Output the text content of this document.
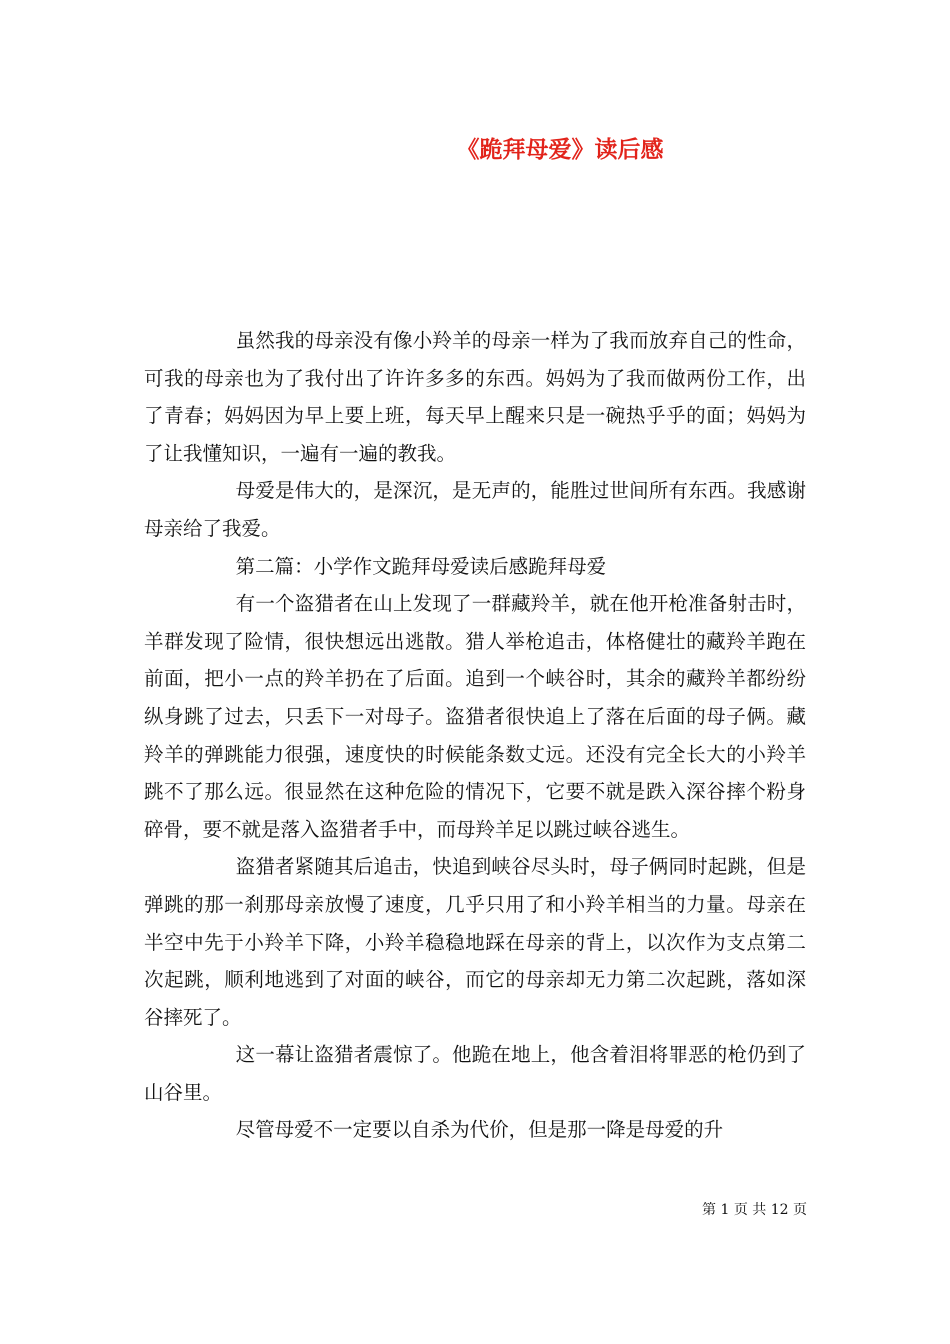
《跪拜母爱》读后感

虽然我的母亲没有像小羚羊的母亲一样为了我而放弃自己的性命，可我的母亲也为了我付出了许许多多的东西。妈妈为了我而做两份工作，出了青春；妈妈因为早上要上班，每天早上醒来只是一碗热乎乎的面；妈妈为了让我懂知识，一遍有一遍的教我。

母爱是伟大的，是深沉，是无声的，能胜过世间所有东西。我感谢母亲给了我爱。

第二篇：小学作文跪拜母爱读后感跪拜母爱

有一个盗猎者在山上发现了一群藏羚羊，就在他开枪准备射击时，羊群发现了险情，很快想远出逃散。猎人举枪追击，体格健壮的藏羚羊跑在前面，把小一点的羚羊扔在了后面。追到一个峡谷时，其余的藏羚羊都纷纷纵身跳了过去，只丢下一对母子。盗猎者很快追上了落在后面的母子俩。藏羚羊的弹跳能力很强，速度快的时候能条数丈远。还没有完全长大的小羚羊跳不了那么远。很显然在这种危险的情况下，它要不就是跌入深谷摔个粉身碎骨，要不就是落入盗猎者手中，而母羚羊足以跳过峡谷逃生。

盗猎者紧随其后追击，快追到峡谷尽头时，母子俩同时起跳，但是弹跳的那一刹那母亲放慢了速度，几乎只用了和小羚羊相当的力量。母亲在半空中先于小羚羊下降，小羚羊稳稳地踩在母亲的背上，以次作为支点第二次起跳，顺利地逃到了对面的峡谷，而它的母亲却无力第二次起跳，落如深谷摔死了。

这一幕让盗猎者震惊了。他跪在地上，他含着泪将罪恶的枪仍到了山谷里。

尽管母爱不一定要以自杀为代价，但是那一降是母爱的升

第 1 页 共 12 页
